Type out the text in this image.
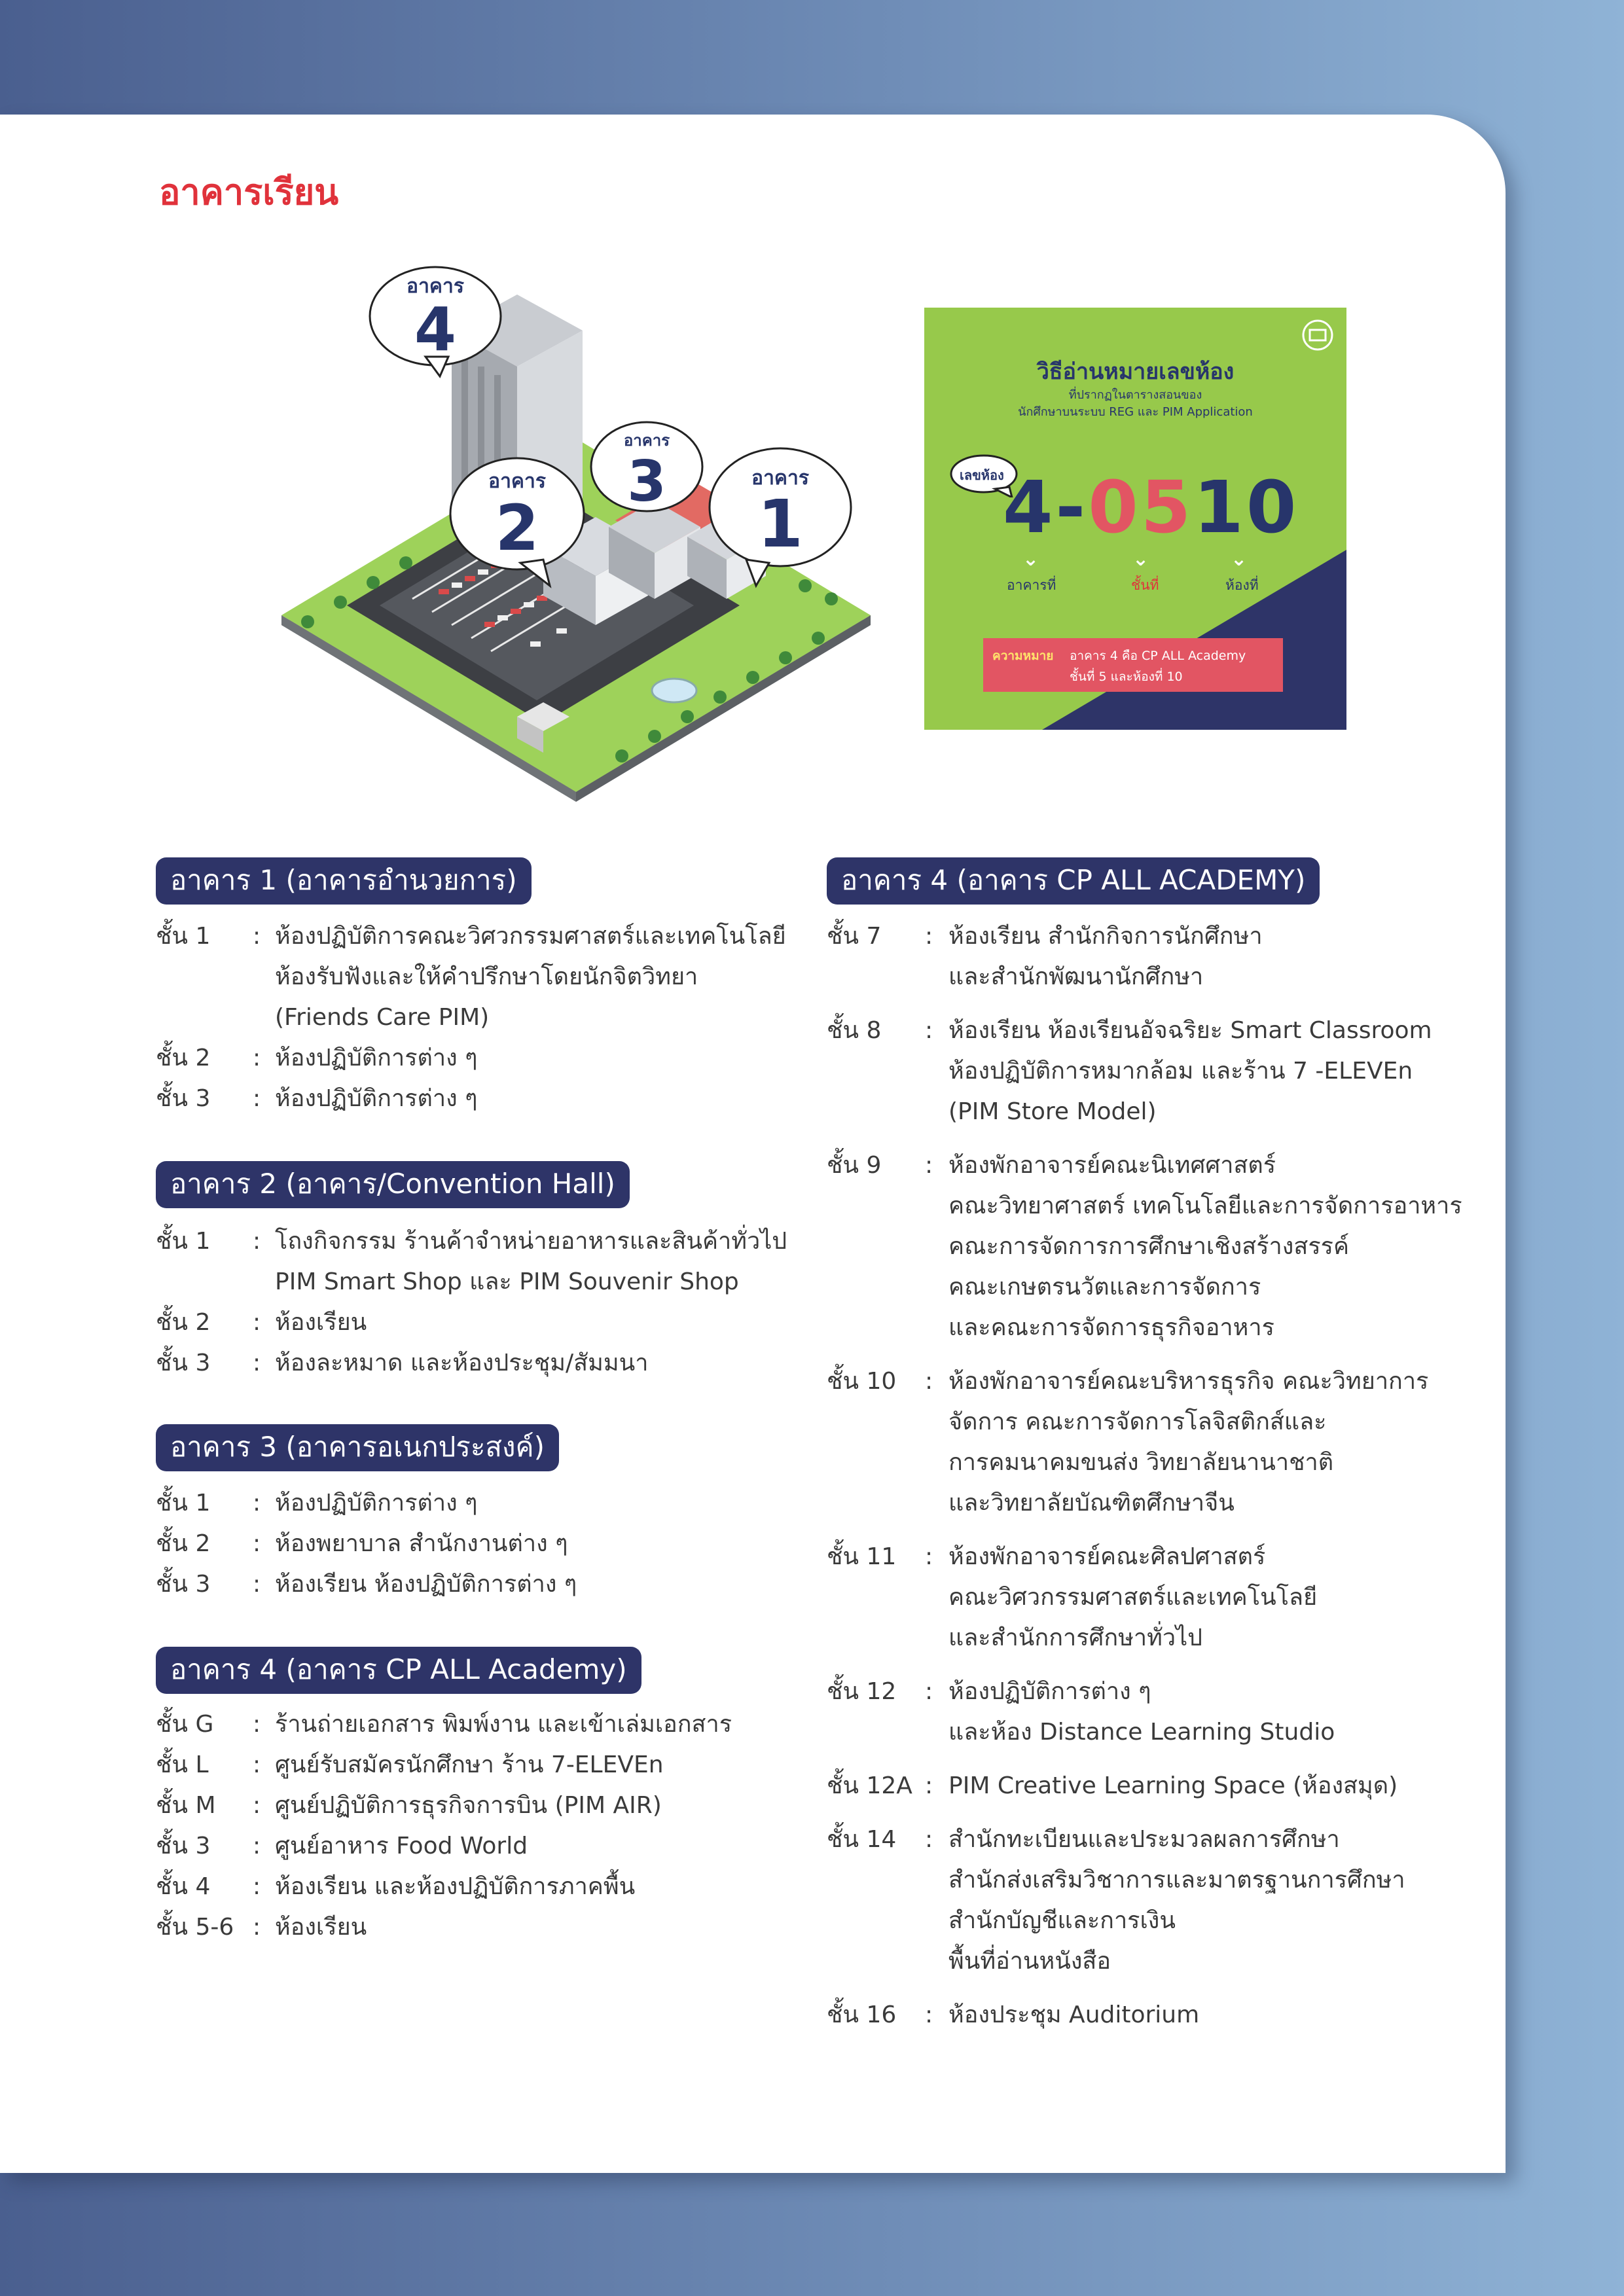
อาคารเรียน
อาคาร
4
อาคาร
3
อาคาร
2
อาคาร
1
วิธีอ่านหมายเลขห้อง
ที่ปรากฏในตารางสอนของ
นักศึกษาบนระบบ REG และ PIM Application
เลขห้อง
4-0510
⌄	⌄	⌄
อาคารที่	ชั้นที่	ห้องที่
ความหมาย อาคาร 4 คือ CP ALL Academy
ชั้นที่ 5 และห้องที่ 10
อาคาร 1 (อาคารอำนวยการ)
อาคาร 2 (อาคาร/Convention Hall)
อาคาร 3 (อาคารอเนกประสงค์)
อาคาร 4 (อาคาร CP ALL Academy)
อาคาร 4 (อาคาร CP ALL ACADEMY)
ชั้น 1 : ห้องปฏิบัติการคณะวิศวกรรมศาสตร์และเทคโนโลยี
ห้องรับฟังและให้คำปรึกษาโดยนักจิตวิทยา
(Friends Care PIM)
ชั้น 2 : ห้องปฏิบัติการต่าง ๆ
ชั้น 3 : ห้องปฏิบัติการต่าง ๆ
ชั้น 1 : โถงกิจกรรม ร้านค้าจำหน่ายอาหารและสินค้าทั่วไป
PIM Smart Shop และ PIM Souvenir Shop
ชั้น 2 : ห้องเรียน
ชั้น 3 : ห้องละหมาด และห้องประชุม/สัมมนา
ชั้น 1 : ห้องปฏิบัติการต่าง ๆ
ชั้น 2 : ห้องพยาบาล สำนักงานต่าง ๆ
ชั้น 3 : ห้องเรียน ห้องปฏิบัติการต่าง ๆ
ชั้น G : ร้านถ่ายเอกสาร พิมพ์งาน และเข้าเล่มเอกสาร
ชั้น L : ศูนย์รับสมัครนักศึกษา ร้าน 7-ELEVEn
ชั้น M : ศูนย์ปฏิบัติการธุรกิจการบิน (PIM AIR)
ชั้น 3 : ศูนย์อาหาร Food World
ชั้น 4 : ห้องเรียน และห้องปฏิบัติการภาคพื้น
ชั้น 5-6 : ห้องเรียน
ชั้น 7 : ห้องเรียน สำนักกิจการนักศึกษา
และสำนักพัฒนานักศึกษา
ชั้น 8 : ห้องเรียน ห้องเรียนอัจฉริยะ Smart Classroom
ห้องปฏิบัติการหมากล้อม และร้าน 7 -ELEVEn
(PIM Store Model)
ชั้น 9 : ห้องพักอาจารย์คณะนิเทศศาสตร์
คณะวิทยาศาสตร์ เทคโนโลยีและการจัดการอาหาร
คณะการจัดการการศึกษาเชิงสร้างสรรค์
คณะเกษตรนวัตและการจัดการ
และคณะการจัดการธุรกิจอาหาร
ชั้น 10 : ห้องพักอาจารย์คณะบริหารธุรกิจ คณะวิทยาการ
จัดการ คณะการจัดการโลจิสติกส์และ
การคมนาคมขนส่ง วิทยาลัยนานาชาติ
และวิทยาลัยบัณฑิตศึกษาจีน
ชั้น 11 : ห้องพักอาจารย์คณะศิลปศาสตร์
คณะวิศวกรรมศาสตร์และเทคโนโลยี
และสำนักการศึกษาทั่วไป
ชั้น 12 : ห้องปฏิบัติการต่าง ๆ
และห้อง Distance Learning Studio
ชั้น 12A : PIM Creative Learning Space (ห้องสมุด)
ชั้น 14 : สำนักทะเบียนและประมวลผลการศึกษา
สำนักส่งเสริมวิชาการและมาตรฐานการศึกษา
สำนักบัญชีและการเงิน
พื้นที่อ่านหนังสือ
ชั้น 16 : ห้องประชุม Auditorium
